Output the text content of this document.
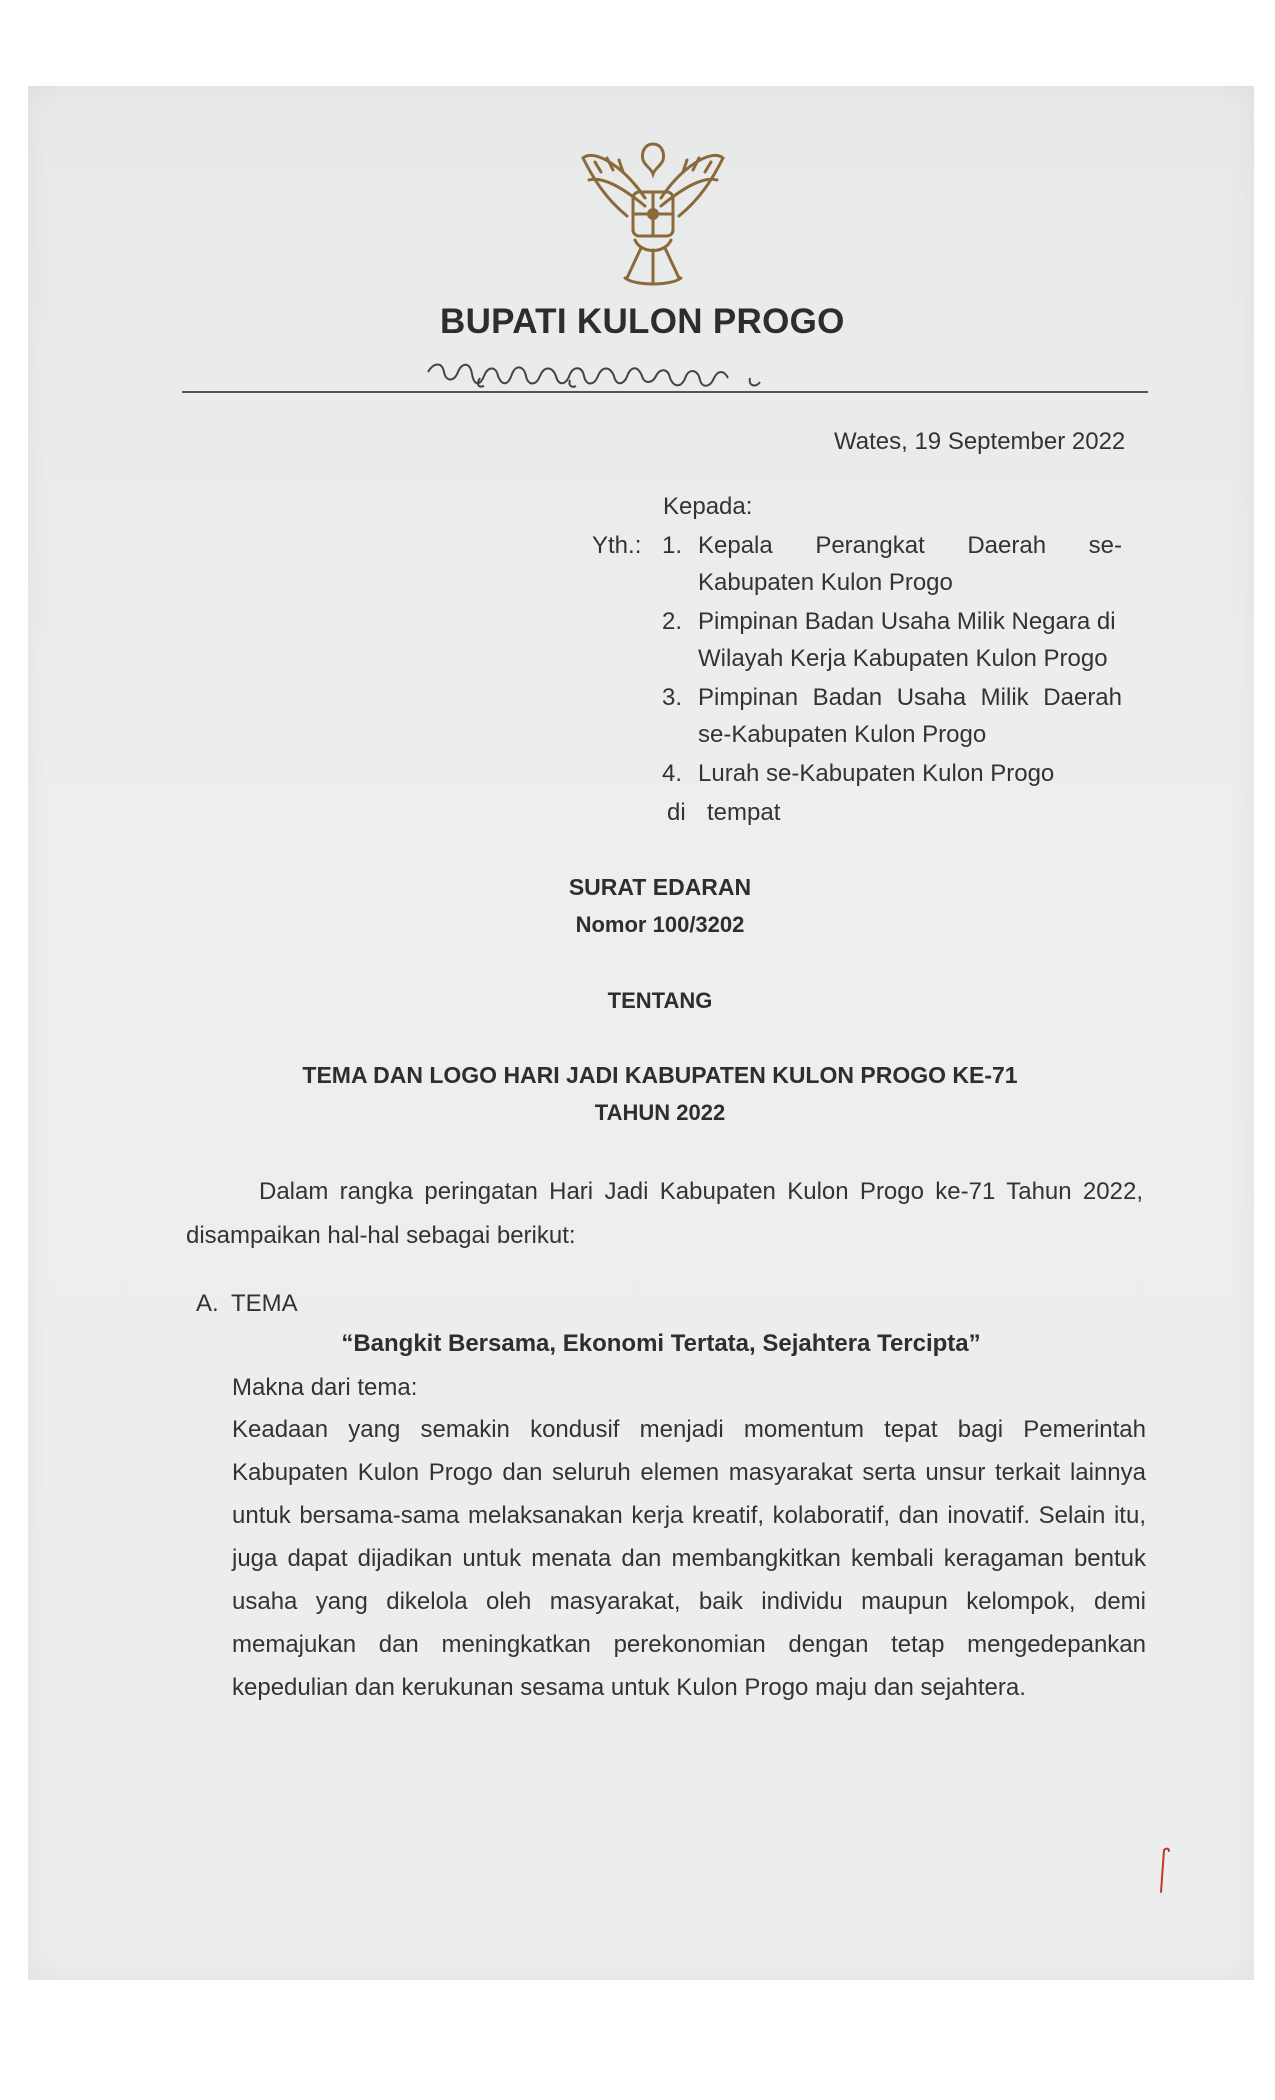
BUPATI KULON PROGO
Wates, 19 September 2022
Kepada:
Yth.: 1. Kepala Perangkat Daerah se-
Kabupaten Kulon Progo
2. Pimpinan Badan Usaha Milik Negara di
Wilayah Kerja Kabupaten Kulon Progo
3. Pimpinan Badan Usaha Milik Daerah
se-Kabupaten Kulon Progo
4. Lurah se-Kabupaten Kulon Progo
di tempat
SURAT EDARAN
Nomor 100/3202
TENTANG
TEMA DAN LOGO HARI JADI KABUPATEN KULON PROGO KE-71
TAHUN 2022
Dalam rangka peringatan Hari Jadi Kabupaten Kulon Progo ke-71 Tahun 2022,
disampaikan hal-hal sebagai berikut:
A. TEMA
“Bangkit Bersama, Ekonomi Tertata, Sejahtera Tercipta”
Makna dari tema:
Keadaan yang semakin kondusif menjadi momentum tepat bagi Pemerintah
Kabupaten Kulon Progo dan seluruh elemen masyarakat serta unsur terkait lainnya
untuk bersama-sama melaksanakan kerja kreatif, kolaboratif, dan inovatif. Selain itu,
juga dapat dijadikan untuk menata dan membangkitkan kembali keragaman bentuk
usaha yang dikelola oleh masyarakat, baik individu maupun kelompok, demi
memajukan dan meningkatkan perekonomian dengan tetap mengedepankan
kepedulian dan kerukunan sesama untuk Kulon Progo maju dan sejahtera.
